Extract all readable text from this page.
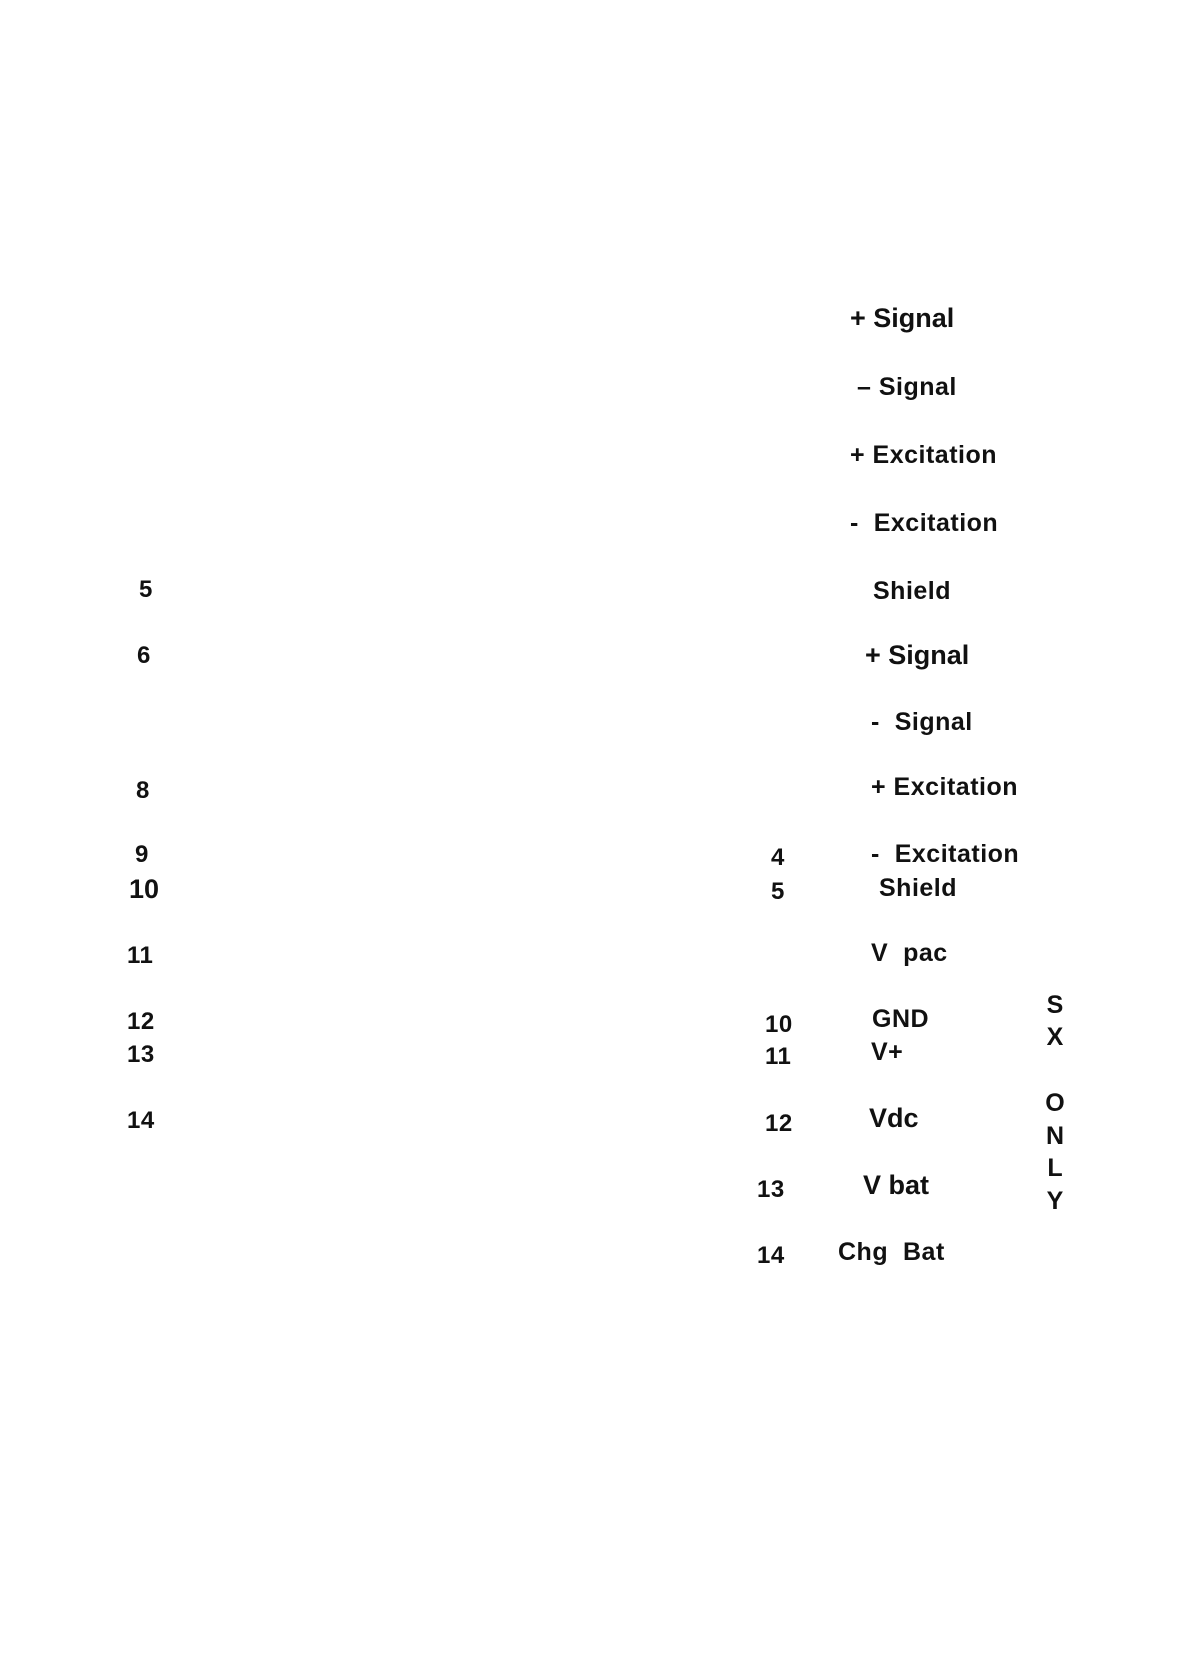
5
6
8
9
10
11
12
13
14
4
5
10
11
12
13
14
+ Signal
– Signal
+ Excitation
-  Excitation
Shield
+ Signal
-  Signal
+ Excitation
-  Excitation
Shield
V  pac
GND
V+
Vdc
V bat
Chg  Bat
S
X
O
N
L
Y
